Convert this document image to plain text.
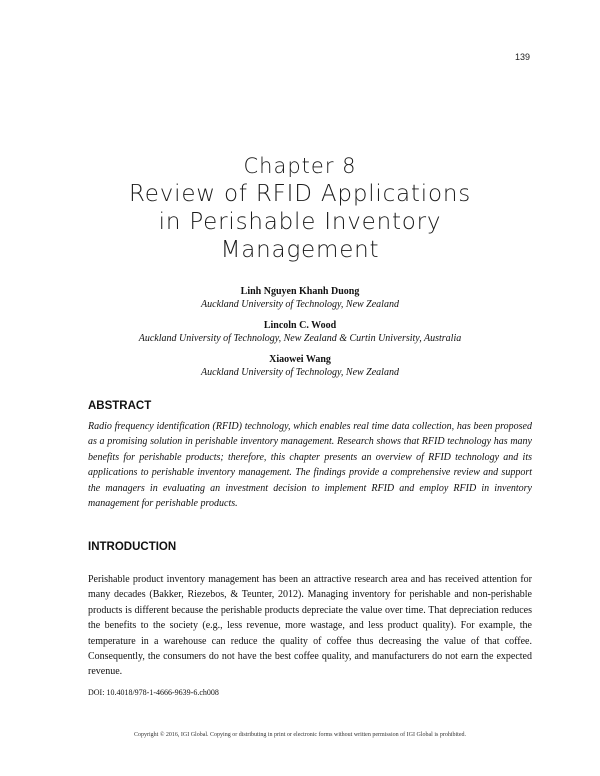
139
Chapter 8
Review of RFID Applications
in Perishable Inventory
Management
Linh Nguyen Khanh Duong
Auckland University of Technology, New Zealand
Lincoln C. Wood
Auckland University of Technology, New Zealand & Curtin University, Australia
Xiaowei Wang
Auckland University of Technology, New Zealand
ABSTRACT
Radio frequency identification (RFID) technology, which enables real time data collection, has been proposed as a promising solution in perishable inventory management. Research shows that RFID technology has many benefits for perishable products; therefore, this chapter presents an overview of RFID technology and its applications to perishable inventory management. The findings provide a comprehensive review and support the managers in evaluating an investment decision to implement RFID and employ RFID in inventory management for perishable products.
INTRODUCTION
Perishable product inventory management has been an attractive research area and has received attention for many decades (Bakker, Riezebos, & Teunter, 2012). Managing inventory for perishable and non-perishable products is different because the perishable products depreciate the value over time. That depreciation reduces the benefits to the society (e.g., less revenue, more wastage, and less product quality). For example, the temperature in a warehouse can reduce the quality of coffee thus decreasing the value of that coffee. Consequently, the consumers do not have the best coffee quality, and manufacturers do not earn the expected revenue.
DOI: 10.4018/978-1-4666-9639-6.ch008
Copyright © 2016, IGI Global. Copying or distributing in print or electronic forms without written permission of IGI Global is prohibited.
